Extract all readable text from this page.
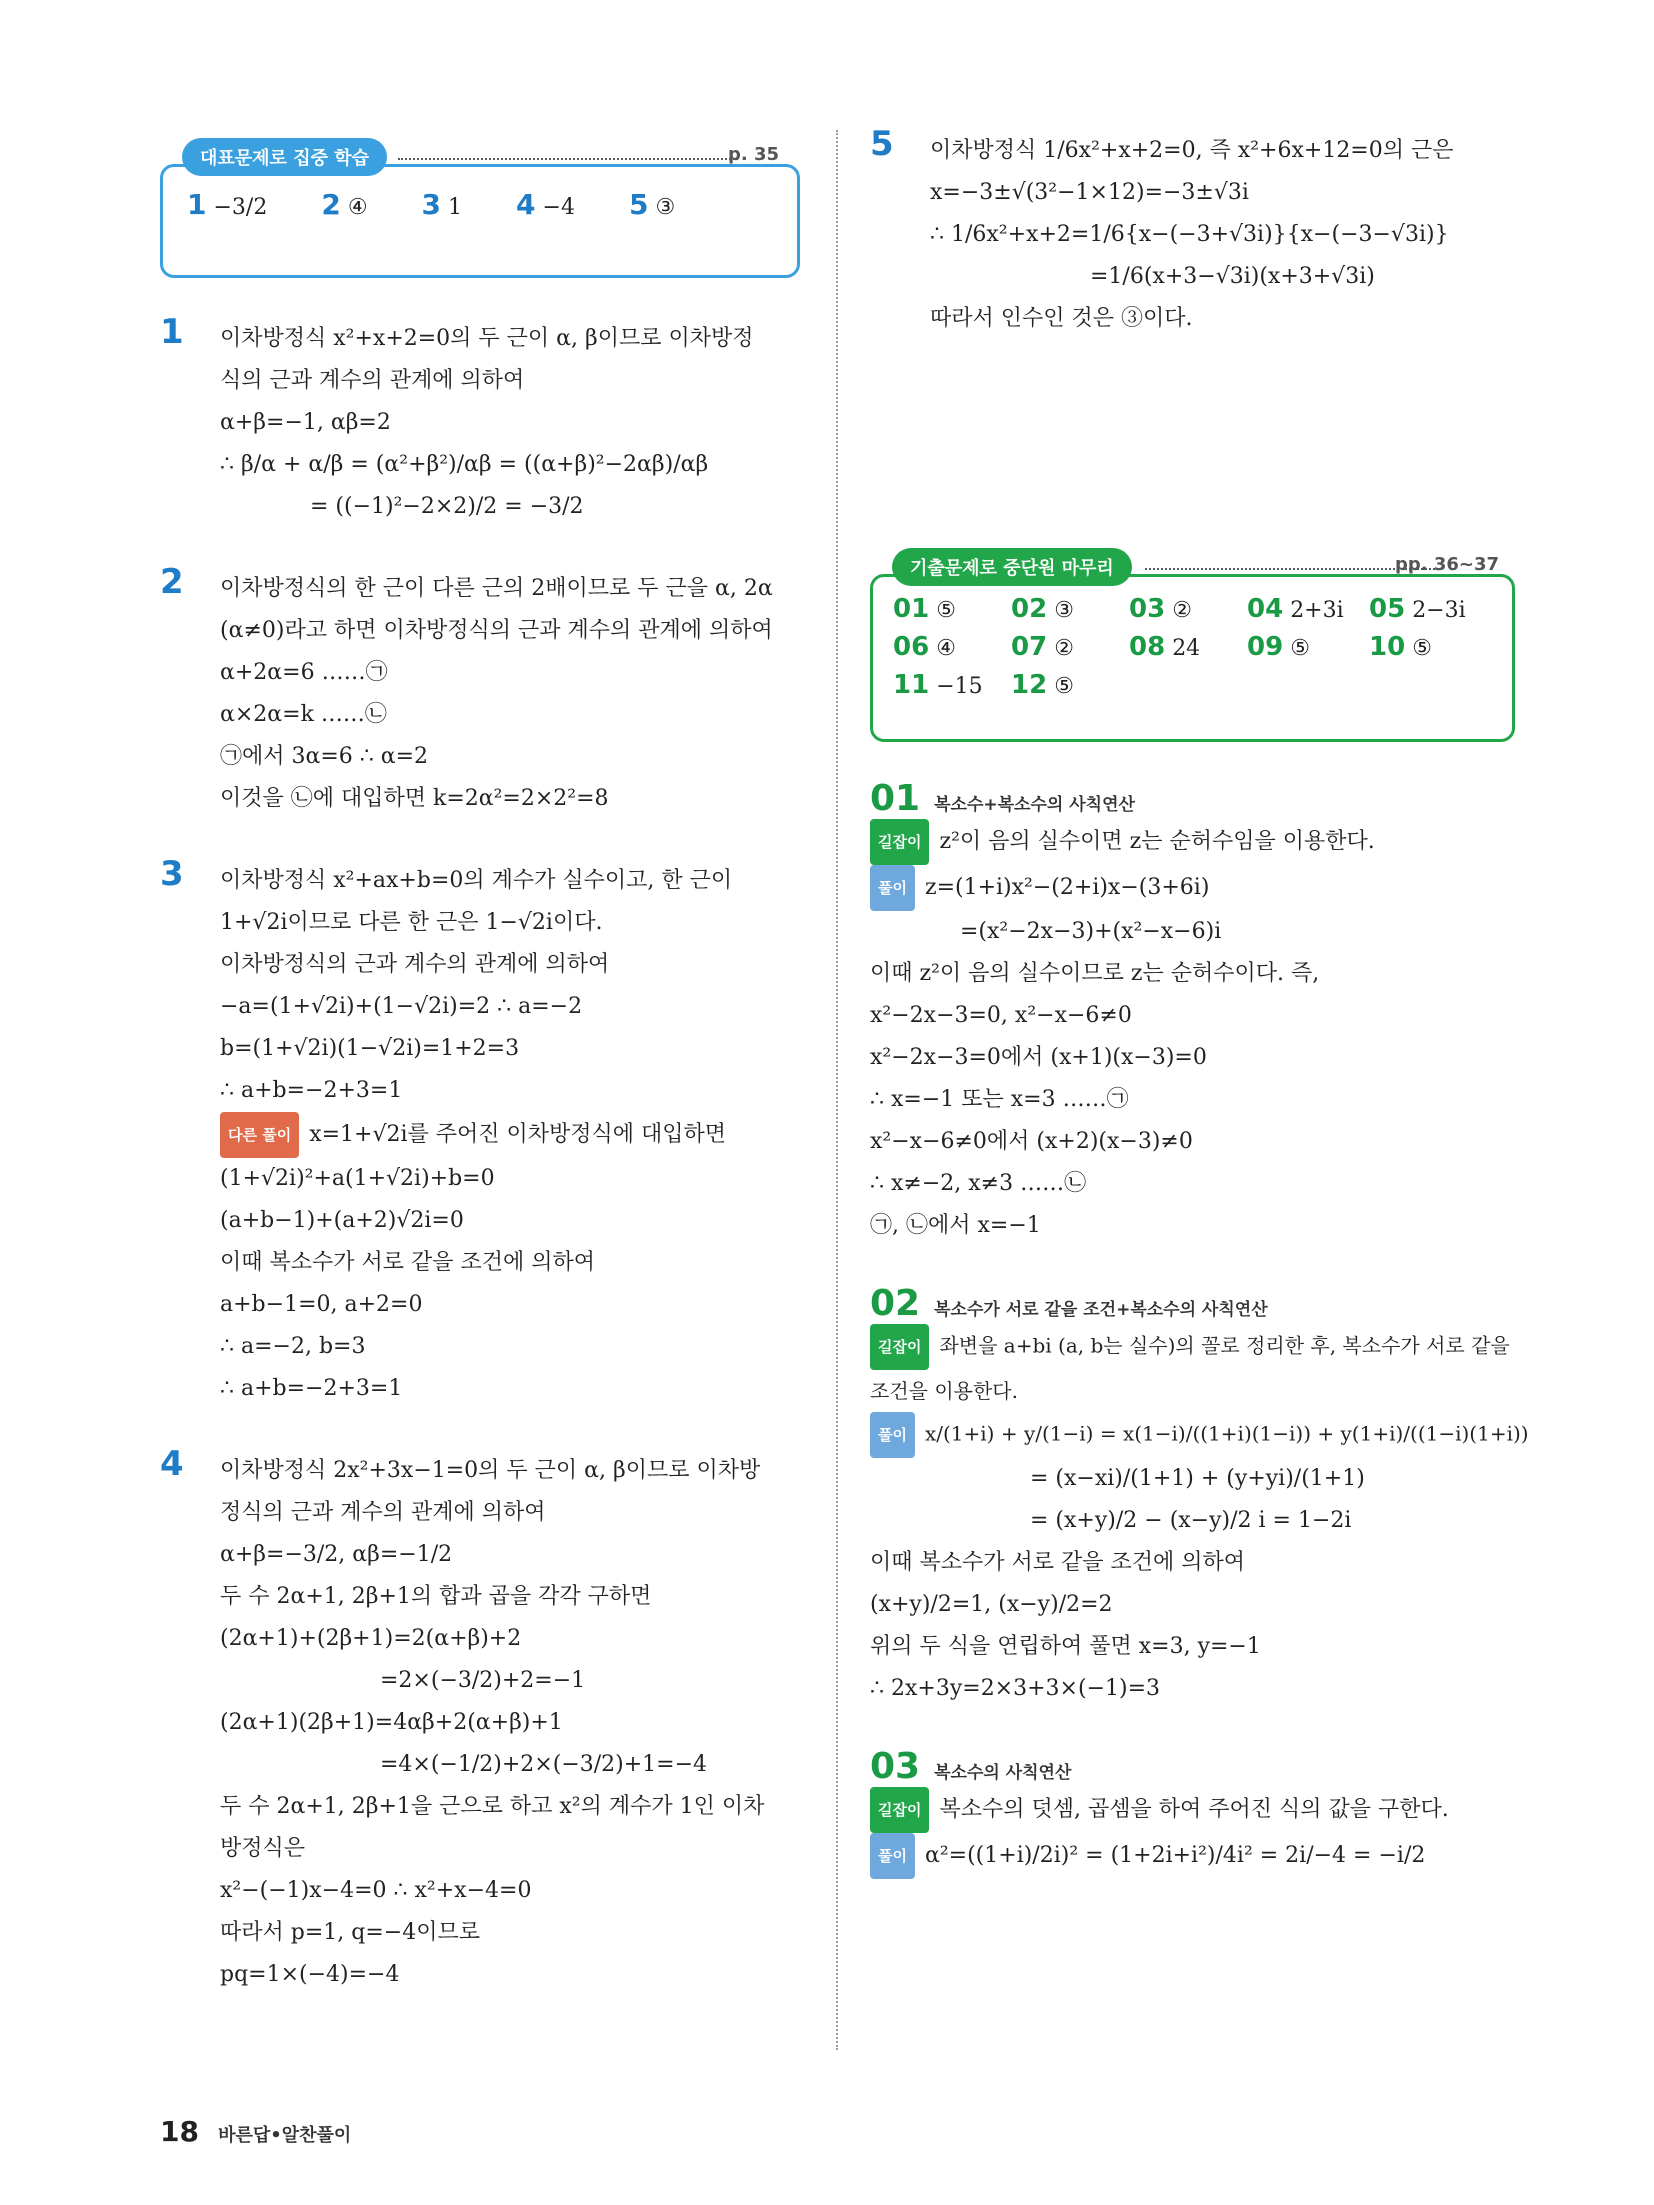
대표문제로 집중 학습	p. 35
1 −3/2 2 ④ 3 1 4 −4 5 ③
1 이차방정식 x²+x+2=0의 두 근이 α, β이므로 이차방정
식의 근과 계수의 관계에 의하여
α+β=−1, αβ=2
∴ β/α + α/β = (α²+β²)/αβ = ((α+β)²−2αβ)/αβ
= ((−1)²−2×2)/2 = −3/2
2 이차방정식의 한 근이 다른 근의 2배이므로 두 근을 α, 2α
(α≠0)라고 하면 이차방정식의 근과 계수의 관계에 의하여
α+2α=6 ……㉠
α×2α=k ……㉡
㉠에서 3α=6 ∴ α=2
이것을 ㉡에 대입하면 k=2α²=2×2²=8
3 이차방정식 x²+ax+b=0의 계수가 실수이고, 한 근이
1+√2i이므로 다른 한 근은 1−√2i이다.
이차방정식의 근과 계수의 관계에 의하여
−a=(1+√2i)+(1−√2i)=2 ∴ a=−2
b=(1+√2i)(1−√2i)=1+2=3
∴ a+b=−2+3=1
다른 풀이 x=1+√2i를 주어진 이차방정식에 대입하면
(1+√2i)²+a(1+√2i)+b=0
(a+b−1)+(a+2)√2i=0
이때 복소수가 서로 같을 조건에 의하여
a+b−1=0, a+2=0
∴ a=−2, b=3
∴ a+b=−2+3=1
4 이차방정식 2x²+3x−1=0의 두 근이 α, β이므로 이차방
정식의 근과 계수의 관계에 의하여
α+β=−3/2, αβ=−1/2
두 수 2α+1, 2β+1의 합과 곱을 각각 구하면
(2α+1)+(2β+1)=2(α+β)+2
=2×(−3/2)+2=−1
(2α+1)(2β+1)=4αβ+2(α+β)+1
=4×(−1/2)+2×(−3/2)+1=−4
두 수 2α+1, 2β+1을 근으로 하고 x²의 계수가 1인 이차
방정식은
x²−(−1)x−4=0 ∴ x²+x−4=0
따라서 p=1, q=−4이므로
pq=1×(−4)=−4
5 이차방정식 1/6x²+x+2=0, 즉 x²+6x+12=0의 근은
x=−3±√(3²−1×12)=−3±√3i
∴ 1/6x²+x+2=1/6{x−(−3+√3i)}{x−(−3−√3i)}
=1/6(x+3−√3i)(x+3+√3i)
따라서 인수인 것은 ③이다.
기출문제로 중단원 마무리	pp. 36~37
01 ⑤	02 ③	03 ②	04 2+3i 05 2−3i
06 ④	07 ②	08 24	09 ⑤	10 ⑤
11 −15	12 ⑤
01 복소수+복소수의 사칙연산
길잡이 z²이 음의 실수이면 z는 순허수임을 이용한다.
풀이 z=(1+i)x²−(2+i)x−(3+6i)
=(x²−2x−3)+(x²−x−6)i
이때 z²이 음의 실수이므로 z는 순허수이다. 즉,
x²−2x−3=0, x²−x−6≠0
x²−2x−3=0에서 (x+1)(x−3)=0
∴ x=−1 또는 x=3 ……㉠
x²−x−6≠0에서 (x+2)(x−3)≠0
∴ x≠−2, x≠3 ……㉡
㉠, ㉡에서 x=−1
02 복소수가 서로 같을 조건+복소수의 사칙연산
길잡이 좌변을 a+bi (a, b는 실수)의 꼴로 정리한 후, 복소수가 서로 같을
조건을 이용한다.
풀이 x/(1+i) + y/(1−i) = x(1−i)/((1+i)(1−i)) + y(1+i)/((1−i)(1+i))
= (x−xi)/(1+1) + (y+yi)/(1+1)
= (x+y)/2 − (x−y)/2 i = 1−2i
이때 복소수가 서로 같을 조건에 의하여
(x+y)/2=1, (x−y)/2=2
위의 두 식을 연립하여 풀면 x=3, y=−1
∴ 2x+3y=2×3+3×(−1)=3
03 복소수의 사칙연산
길잡이 복소수의 덧셈, 곱셈을 하여 주어진 식의 값을 구한다.
풀이 α²=((1+i)/2i)² = (1+2i+i²)/4i² = 2i/−4 = −i/2
18 바른답•알찬풀이
